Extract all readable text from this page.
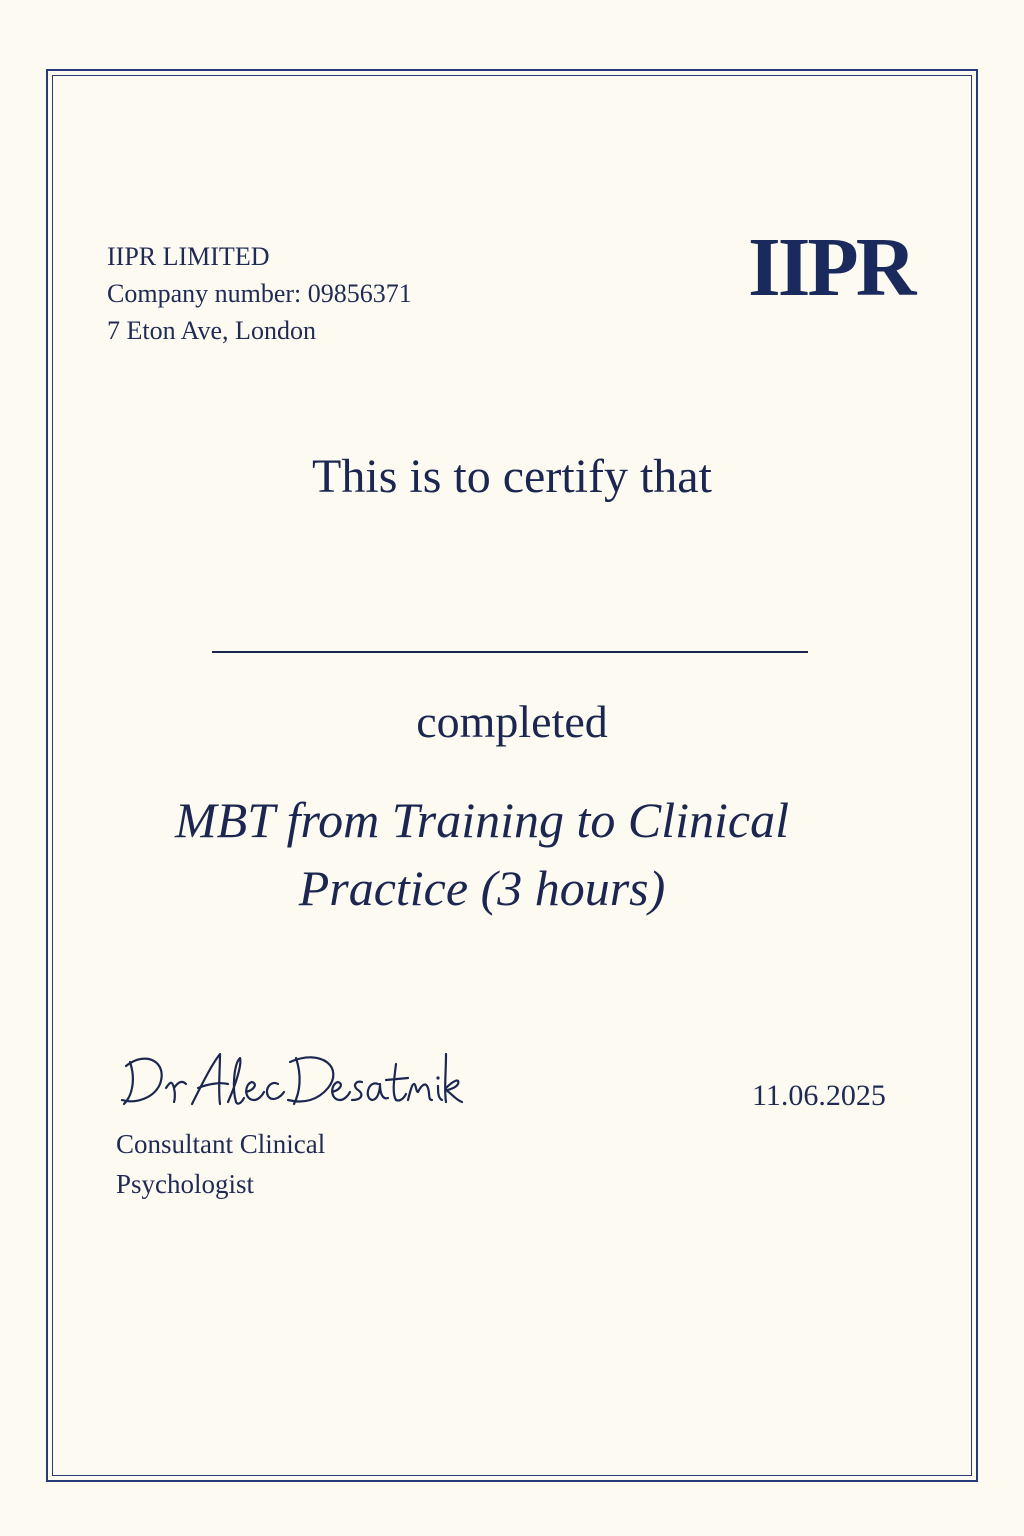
IIPR LIMITED
Company number: 09856371
7 Eton Ave, London
IIPR
This is to certify that
completed
MBT from Training to Clinical
Practice (3 hours)
Consultant Clinical
Psychologist
11.06.2025
